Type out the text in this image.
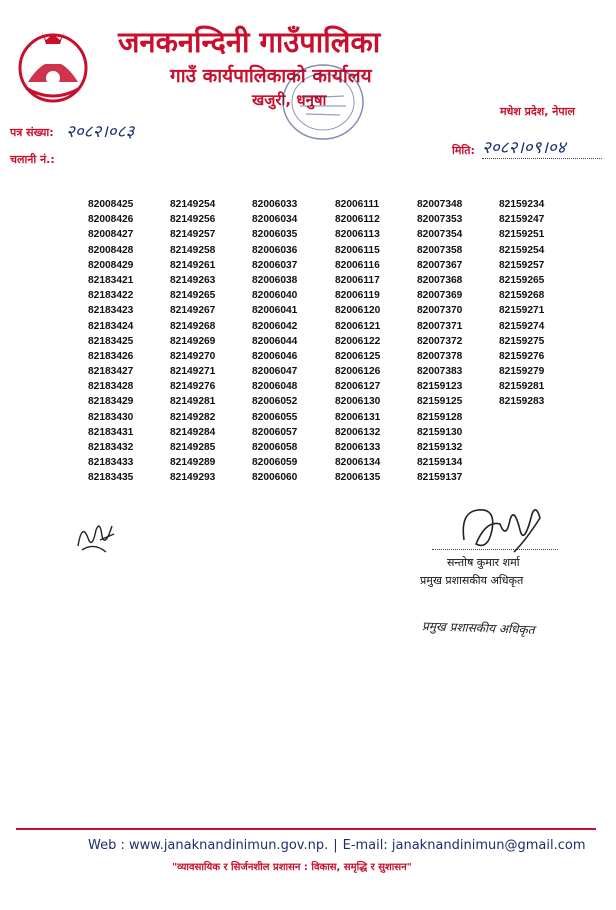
जनकनन्दिनी गाउँपालिका
गाउँ कार्यपालिकाको कार्यालय
खजुरी, धनुषा
मधेश प्रदेश, नेपाल
पत्र संख्या: २०८२।०८३
चलानी नं.:
मिति: २०८२।०९।०४
82008425
82008426
82008427
82008428
82008429
82183421
82183422
82183423
82183424
82183425
82183426
82183427
82183428
82183429
82183430
82183431
82183432
82183433
82183435
82149254
82149256
82149257
82149258
82149261
82149263
82149265
82149267
82149268
82149269
82149270
82149271
82149276
82149281
82149282
82149284
82149285
82149289
82149293
82006033
82006034
82006035
82006036
82006037
82006038
82006040
82006041
82006042
82006044
82006046
82006047
82006048
82006052
82006055
82006057
82006058
82006059
82006060
82006111
82006112
82006113
82006115
82006116
82006117
82006119
82006120
82006121
82006122
82006125
82006126
82006127
82006130
82006131
82006132
82006133
82006134
82006135
82007348
82007353
82007354
82007358
82007367
82007368
82007369
82007370
82007371
82007372
82007378
82007383
82159123
82159125
82159128
82159130
82159132
82159134
82159137
82159234
82159247
82159251
82159254
82159257
82159265
82159268
82159271
82159274
82159275
82159276
82159279
82159281
82159283
सन्तोष कुमार शर्मा
प्रमुख प्रशासकीय अधिकृत
प्रमुख प्रशासकीय अधिकृत
Web : www.janaknandinimun.gov.np. | E-mail: janaknandinimun@gmail.com
"व्यावसायिक र सिर्जनशील प्रशासन : विकास, समृद्धि र सुशासन"
